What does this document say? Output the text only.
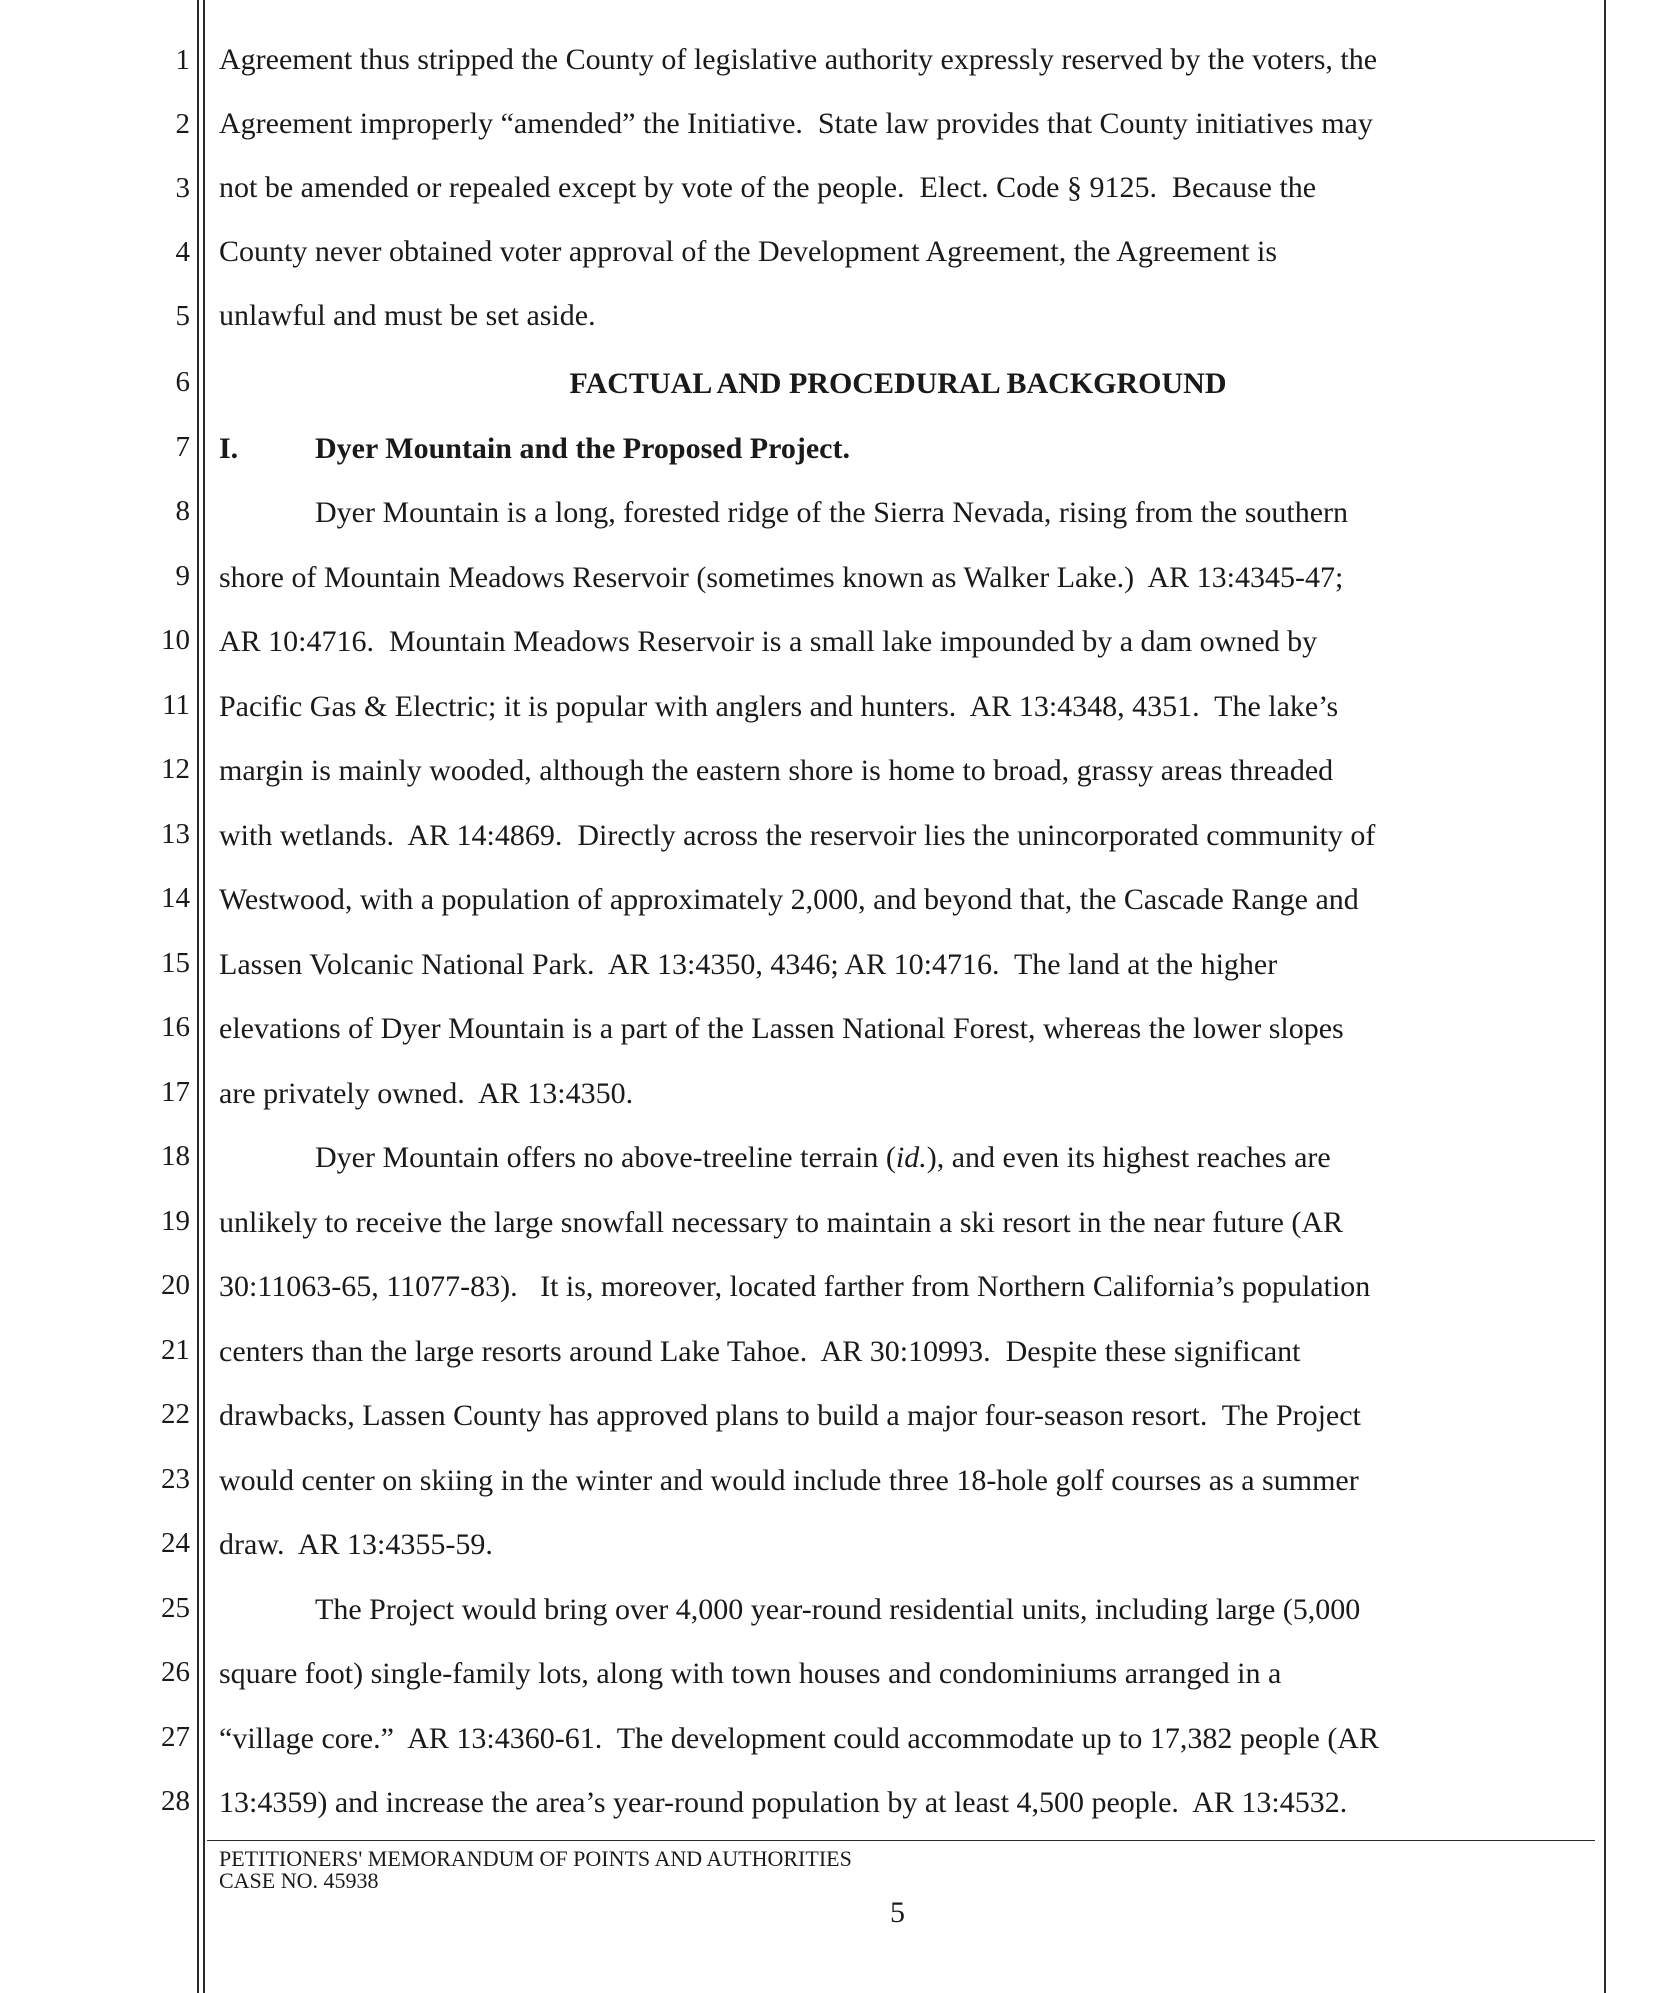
1
2
3
4
5
6
7
8
9
10
11
12
13
14
15
16
17
18
19
20
21
22
23
24
25
26
27
28
Agreement thus stripped the County of legislative authority expressly reserved by the voters, the
Agreement improperly “amended” the Initiative.  State law provides that County initiatives may
not be amended or repealed except by vote of the people.  Elect. Code § 9125.  Because the
County never obtained voter approval of the Development Agreement, the Agreement is
unlawful and must be set aside.
FACTUAL AND PROCEDURAL BACKGROUND
I.	Dyer Mountain and the Proposed Project.
Dyer Mountain is a long, forested ridge of the Sierra Nevada, rising from the southern
shore of Mountain Meadows Reservoir (sometimes known as Walker Lake.)  AR 13:4345-47;
AR 10:4716.  Mountain Meadows Reservoir is a small lake impounded by a dam owned by
Pacific Gas & Electric; it is popular with anglers and hunters.  AR 13:4348, 4351.  The lake’s
margin is mainly wooded, although the eastern shore is home to broad, grassy areas threaded
with wetlands.  AR 14:4869.  Directly across the reservoir lies the unincorporated community of
Westwood, with a population of approximately 2,000, and beyond that, the Cascade Range and
Lassen Volcanic National Park.  AR 13:4350, 4346; AR 10:4716.  The land at the higher
elevations of Dyer Mountain is a part of the Lassen National Forest, whereas the lower slopes
are privately owned.  AR 13:4350.
Dyer Mountain offers no above-treeline terrain (id.), and even its highest reaches are
unlikely to receive the large snowfall necessary to maintain a ski resort in the near future (AR
30:11063-65, 11077-83).   It is, moreover, located farther from Northern California’s population
centers than the large resorts around Lake Tahoe.  AR 30:10993.  Despite these significant
drawbacks, Lassen County has approved plans to build a major four-season resort.  The Project
would center on skiing in the winter and would include three 18-hole golf courses as a summer
draw.  AR 13:4355-59.
The Project would bring over 4,000 year-round residential units, including large (5,000
square foot) single-family lots, along with town houses and condominiums arranged in a
“village core.”  AR 13:4360-61.  The development could accommodate up to 17,382 people (AR
13:4359) and increase the area’s year-round population by at least 4,500 people.  AR 13:4532.
PETITIONERS' MEMORANDUM OF POINTS AND AUTHORITIES
CASE NO. 45938
5
